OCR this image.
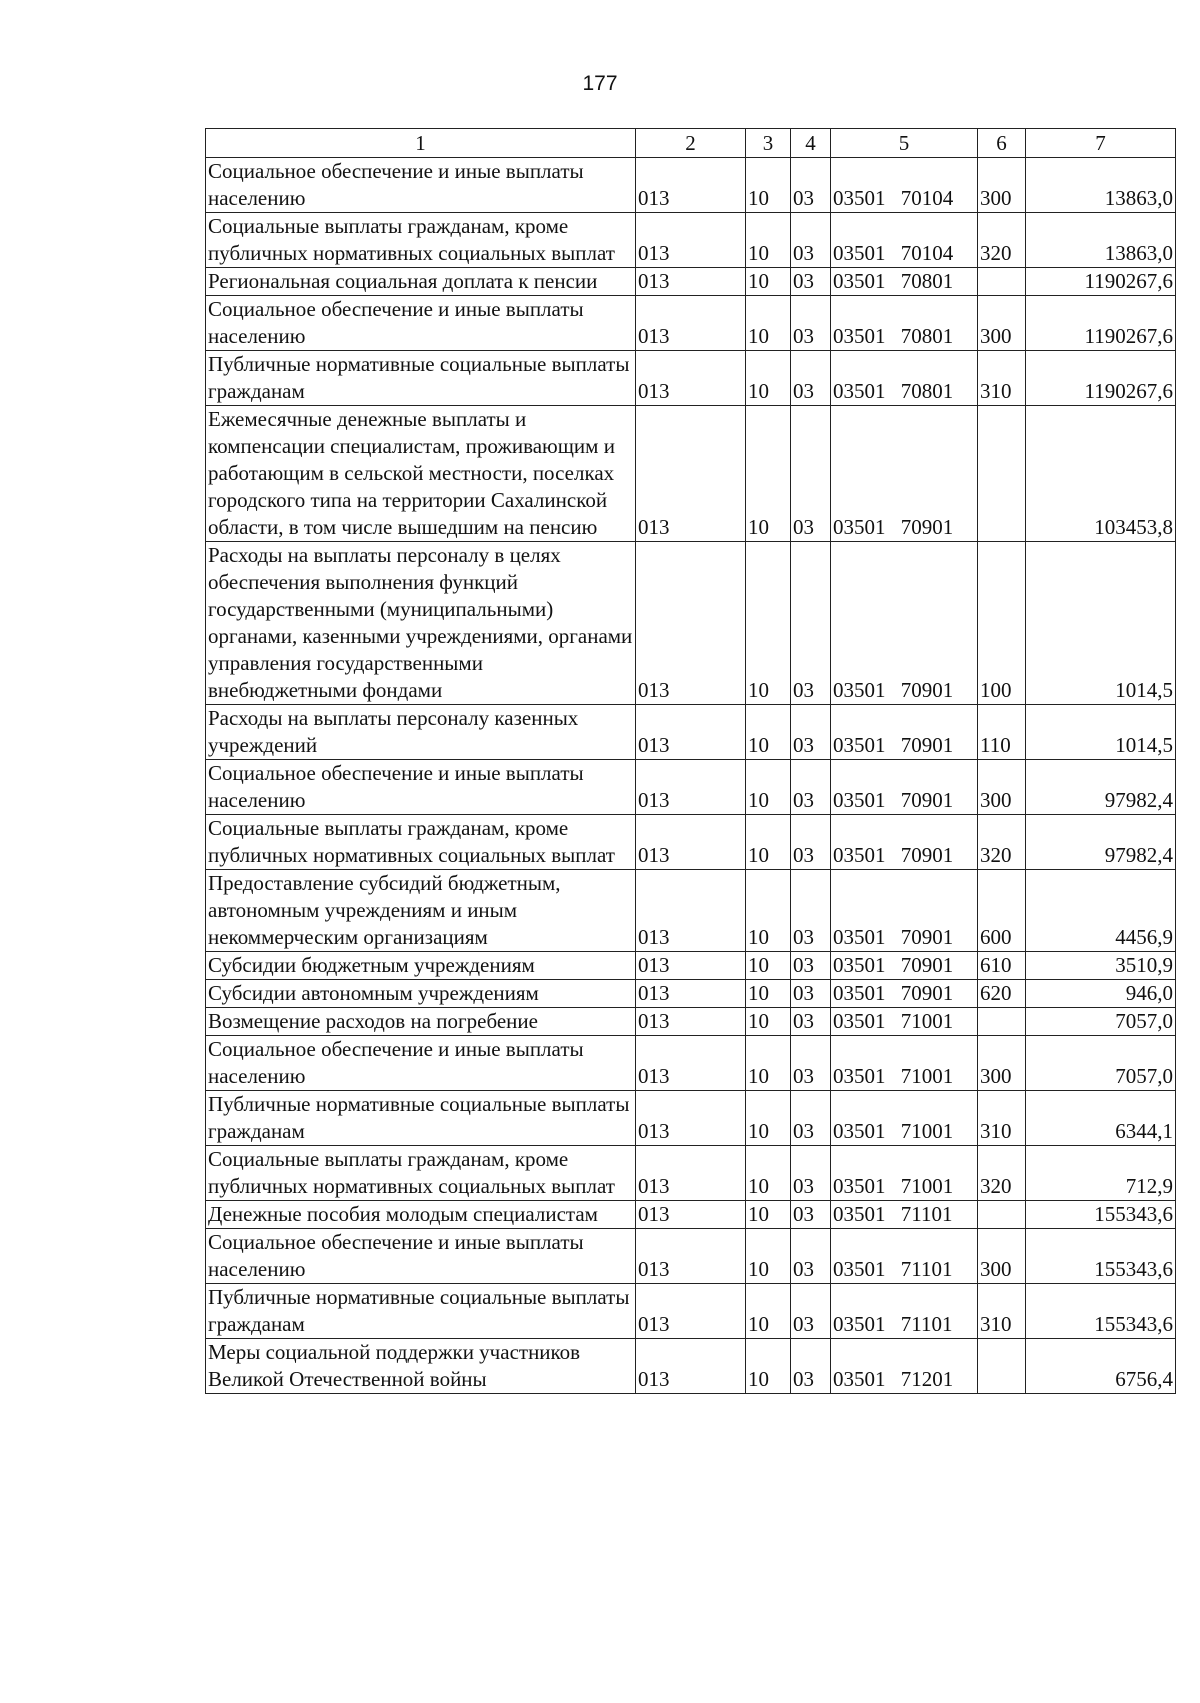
177
1	2	3	4	5	6	7
Социальное обеспечение и иные выплаты населению	013	10	03	03501 70104	300	13863,0
Социальные выплаты гражданам, кроме публичных нормативных социальных выплат	013	10	03	03501 70104	320	13863,0
Региональная социальная доплата к пенсии	013	10	03	03501 70801		1190267,6
Социальное обеспечение и иные выплаты населению	013	10	03	03501 70801	300	1190267,6
Публичные нормативные социальные выплаты гражданам	013	10	03	03501 70801	310	1190267,6
Ежемесячные денежные выплаты и компенсации специалистам, проживающим и работающим в сельской местности, поселках городского типа на территории Сахалинской области, в том числе вышедшим на пенсию	013	10	03	03501 70901		103453,8
Расходы на выплаты персоналу в целях обеспечения выполнения функций государственными (муниципальными) органами, казенными учреждениями, органами управления государственными внебюджетными фондами	013	10	03	03501 70901	100	1014,5
Расходы на выплаты персоналу казенных учреждений	013	10	03	03501 70901	110	1014,5
Социальное обеспечение и иные выплаты населению	013	10	03	03501 70901	300	97982,4
Социальные выплаты гражданам, кроме публичных нормативных социальных выплат	013	10	03	03501 70901	320	97982,4
Предоставление субсидий бюджетным, автономным учреждениям и иным некоммерческим организациям	013	10	03	03501 70901	600	4456,9
Субсидии бюджетным учреждениям	013	10	03	03501 70901	610	3510,9
Субсидии автономным учреждениям	013	10	03	03501 70901	620	946,0
Возмещение расходов на погребение	013	10	03	03501 71001		7057,0
Социальное обеспечение и иные выплаты населению	013	10	03	03501 71001	300	7057,0
Публичные нормативные социальные выплаты гражданам	013	10	03	03501 71001	310	6344,1
Социальные выплаты гражданам, кроме публичных нормативных социальных выплат	013	10	03	03501 71001	320	712,9
Денежные пособия молодым специалистам	013	10	03	03501 71101		155343,6
Социальное обеспечение и иные выплаты населению	013	10	03	03501 71101	300	155343,6
Публичные нормативные социальные выплаты гражданам	013	10	03	03501 71101	310	155343,6
Меры социальной поддержки участников Великой Отечественной войны	013	10	03	03501 71201		6756,4
